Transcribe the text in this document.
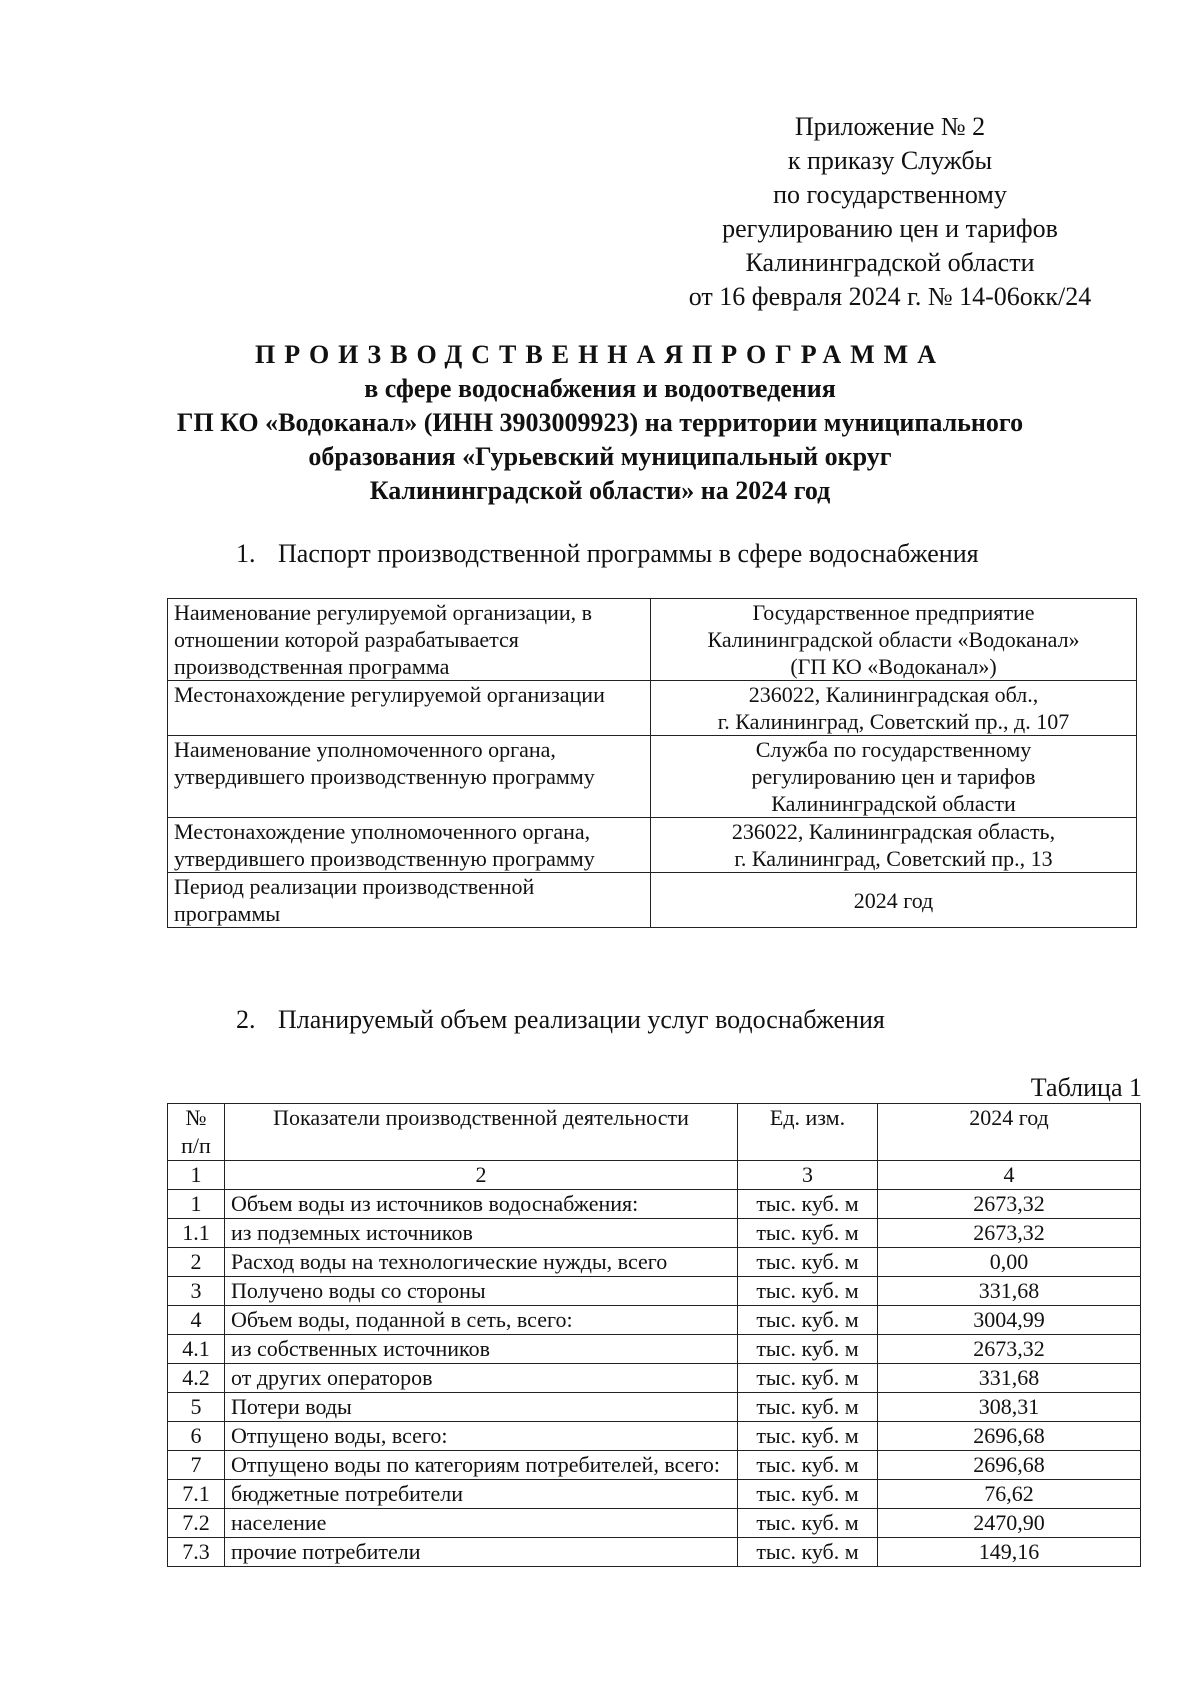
Приложение № 2
к приказу Службы
по государственному
регулированию цен и тарифов
Калининградской области
от 16 февраля 2024 г. № 14-06окк/24
ПРОИЗВОДСТВЕННАЯПРОГРАММА
в сфере водоснабжения и водоотведения
ГП КО «Водоканал» (ИНН 3903009923) на территории муниципального
образования «Гурьевский муниципальный округ
Калининградской области» на 2024 год
1. Паспорт производственной программы в сфере водоснабжения
Наименование регулируемой организации, в отношении которой разрабатывается производственная программа	Государственное предприятие
Калининградской области «Водоканал»
(ГП КО «Водоканал»)

Местонахождение регулируемой организации	236022, Калининградская обл.,
г. Калининград, Советский пр., д. 107

Наименование уполномоченного органа, утвердившего производственную программу	Служба по государственному
регулированию цен и тарифов
Калининградской области

Местонахождение уполномоченного органа, утвердившего производственную программу	236022, Калининградская область,
г. Калининград, Советский пр., 13

Период реализации производственной программы	2024 год
2. Планируемый объем реализации услуг водоснабжения
Таблица 1
№ п/п	Показатели производственной деятельности	Ед. изм.	2024 год
1	2	3	4
1	Объем воды из источников водоснабжения:	тыс. куб. м	2673,32
1.1	из подземных источников	тыс. куб. м	2673,32
2	Расход воды на технологические нужды, всего	тыс. куб. м	0,00
3	Получено воды со стороны	тыс. куб. м	331,68
4	Объем воды, поданной в сеть, всего:	тыс. куб. м	3004,99
4.1	из собственных источников	тыс. куб. м	2673,32
4.2	от других операторов	тыс. куб. м	331,68
5	Потери воды	тыс. куб. м	308,31
6	Отпущено воды, всего:	тыс. куб. м	2696,68
7	Отпущено воды по категориям потребителей, всего:	тыс. куб. м	2696,68
7.1	бюджетные потребители	тыс. куб. м	76,62
7.2	население	тыс. куб. м	2470,90
7.3	прочие потребители	тыс. куб. м	149,16
